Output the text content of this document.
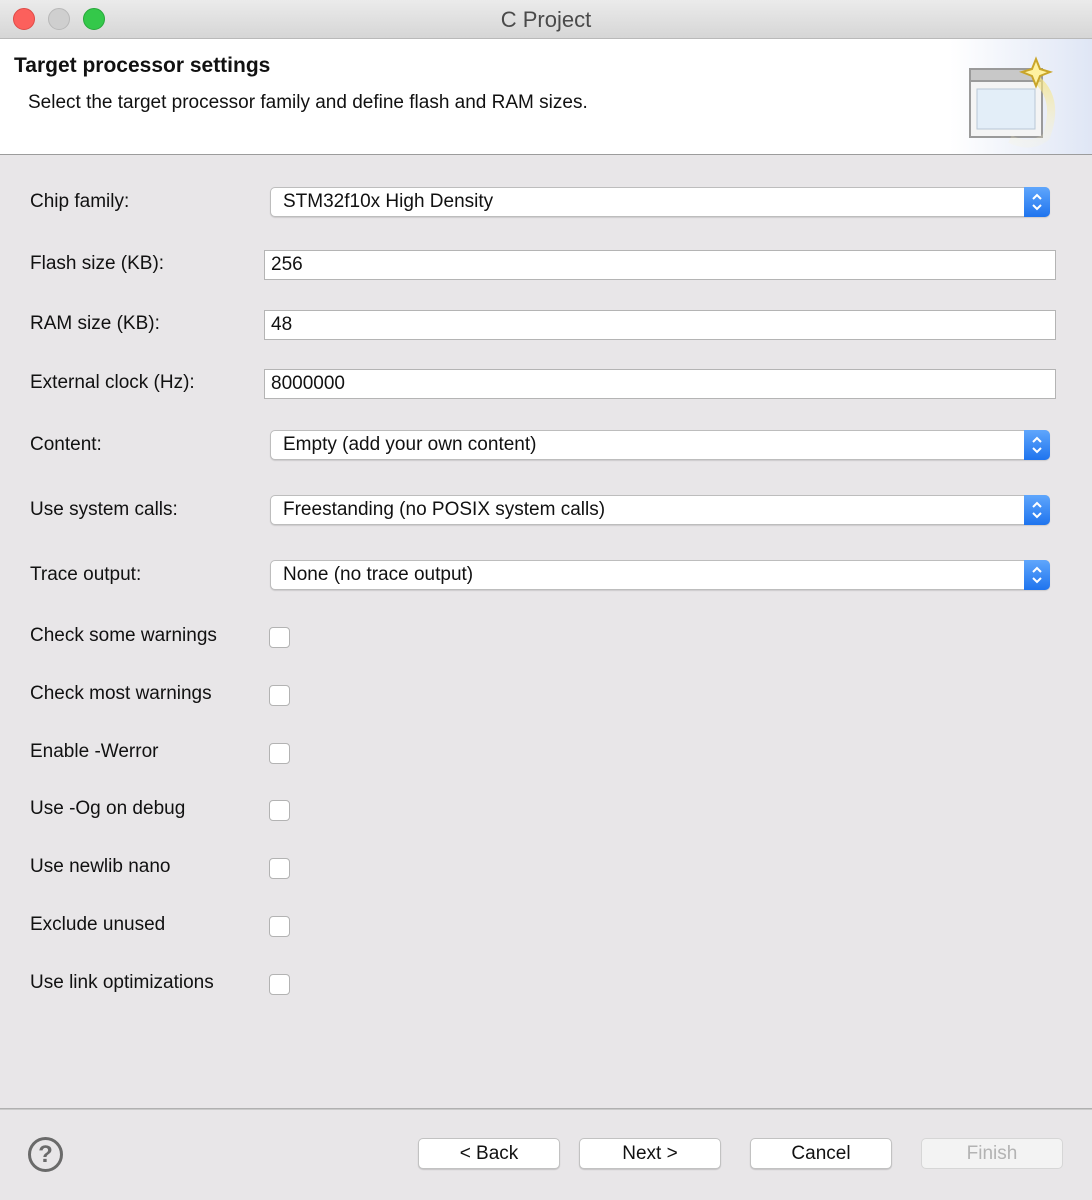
C Project
Target processor settings
Select the target processor family and define flash and RAM sizes.
Chip family:	STM32f10x High Density
Flash size (KB):
256
RAM size (KB):
48
External clock (Hz):
8000000
Content:	Empty (add your own content)
Use system calls:	Freestanding (no POSIX system calls)
Trace output:	None (no trace output)
Check some warnings
Check most warnings
Enable -Werror
Use -Og on debug
Use newlib nano
Exclude unused
Use link optimizations
?	< Back	Next >	Cancel	Finish
